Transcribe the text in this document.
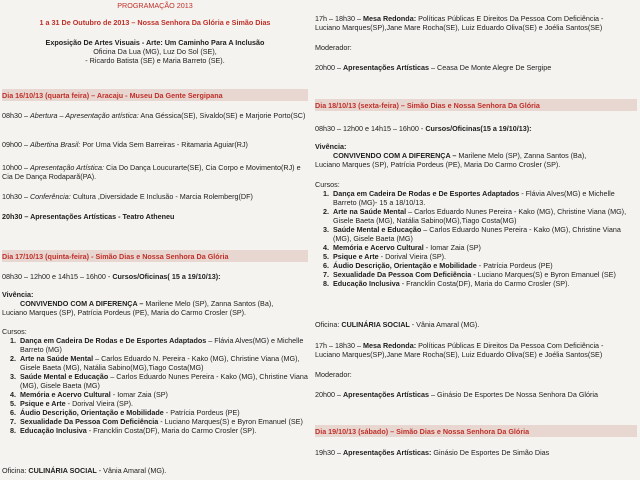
PROGRAMAÇÃO 2013
1 a 31 De Outubro de 2013 – Nossa Senhora Da Glória e Simão Dias
Exposição De Artes Visuais - Arte: Um Caminho Para A Inclusão
Oficina Da Lua (MG), Luz Do Sol (SE),
- Ricardo Batista (SE) e Maria Barreto (SE).
Dia 16/10/13 (quarta feira) – Aracaju - Museu Da Gente Sergipana
08h30 – Abertura – Apresentação artística: Ana Géssica(SE), Sivaldo(SE) e Marjorie Porto(SC)
09h00 – Albertina Brasil: Por Uma Vida Sem Barreiras - Ritamaria Aguiar(RJ)
10h00 – Apresentação Artística: Cia Do Dança Loucurarte(SE), Cia Corpo e Movimento(RJ) e Cia De Dança Rodaparã(PA).
10h30 – Conferência: Cultura ,Diversidade E Inclusão - Marcia Rolemberg(DF)
20h30 – Apresentações Artísticas - Teatro Atheneu
Dia 17/10/13 (quinta-feira) - Simão Dias e Nossa Senhora Da Glória
08h30 – 12h00 e 14h15 – 16h00 - Cursos/Oficinas( 15 a 19/10/13):
Vivência:
CONVIVENDO COM A DIFERENÇA – Marilene Melo (SP), Zanna Santos (Ba),
Luciano Marques (SP), Patrícia Pordeus (PE), Maria do Carmo Crosler (SP).
Cursos:
1. Dança em Cadeira De Rodas e De Esportes Adaptados – Flávia Alves(MG) e Michelle Barreto (MG)
2. Arte na Saúde Mental – Carlos Eduardo N. Pereira - Kako (MG), Christine Viana (MG), Gisele Baeta (MG), Natália Sabino(MG),Tiago Costa(MG)
3. Saúde Mental e Educação – Carlos Eduardo Nunes Pereira - Kako (MG), Christine Viana (MG), Gisele Baeta (MG)
4. Memória e Acervo Cultural - Iomar Zaia (SP)
5. Psique e Arte - Dorival Vieira (SP).
6. Áudio Descrição, Orientação e Mobilidade - Patrícia Pordeus (PE)
7. Sexualidade Da Pessoa Com Deficiência - Luciano Marques(S) e Byron Emanuel (SE)
8. Educação Inclusiva - Francklin Costa(DF), Maria do Carmo Crosler (SP).
Oficina: CULINÁRIA SOCIAL - Vânia Amaral (MG).
17h – 18h30 – Mesa Redonda: Políticas Públicas E Direitos Da Pessoa Com Deficiência -
Luciano Marques(SP),Jane Mare Rocha(SE), Luiz Eduardo Oliva(SE) e Joélia Santos(SE)
Moderador:
20h00 – Apresentações Artísticas – Ceasa De Monte Alegre De Sergipe
Dia 18/10/13 (sexta-feira) – Simão Dias e Nossa Senhora Da Glória
08h30 – 12h00 e 14h15 – 16h00 - Cursos/Oficinas(15 a 19/10/13):
Vivência:
CONVIVENDO COM A DIFERENÇA – Marilene Melo (SP), Zanna Santos (Ba),
Luciano Marques (SP), Patrícia Pordeus (PE), Maria Do Carmo Crosler (SP).
Cursos:
1. Dança em Cadeira De Rodas e De Esportes Adaptados - Flávia Alves(MG) e Michelle Barreto (MG)- 15 a 18/10/13.
2. Arte na Saúde Mental – Carlos Eduardo Nunes Pereira - Kako (MG), Christine Viana (MG), Gisele Baeta (MG), Natália Sabino(MG),Tiago Costa(MG)
3. Saúde Mental e Educação – Carlos Eduardo Nunes Pereira - Kako (MG), Christine Viana (MG), Gisele Baeta (MG)
4. Memória e Acervo Cultural - Iomar Zaia (SP)
5. Psique e Arte - Dorival Vieira (SP).
6. Áudio Descrição, Orientação e Mobilidade - Patrícia Pordeus (PE)
7. Sexualidade Da Pessoa Com Deficiência - Luciano Marques(S) e Byron Emanuel (SE)
8. Educação Inclusiva - Francklin Costa(DF), Maria do Carmo Crosler (SP).
Oficina: CULINÁRIA SOCIAL - Vânia Amaral (MG).
17h – 18h30 – Mesa Redonda: Políticas Públicas E Direitos Da Pessoa Com Deficiência -
Luciano Marques(SP),Jane Mare Rocha(SE), Luiz Eduardo Oliva(SE) e Joélia Santos(SE)
Moderador:
20h00 – Apresentações Artísticas – Ginásio De Esportes De Nossa Senhora Da Glória
Dia 19/10/13 (sábado) – Simão Dias e Nossa Senhora Da Glória
19h30 – Apresentações Artísticas: Ginásio De Esportes De Simão Dias
